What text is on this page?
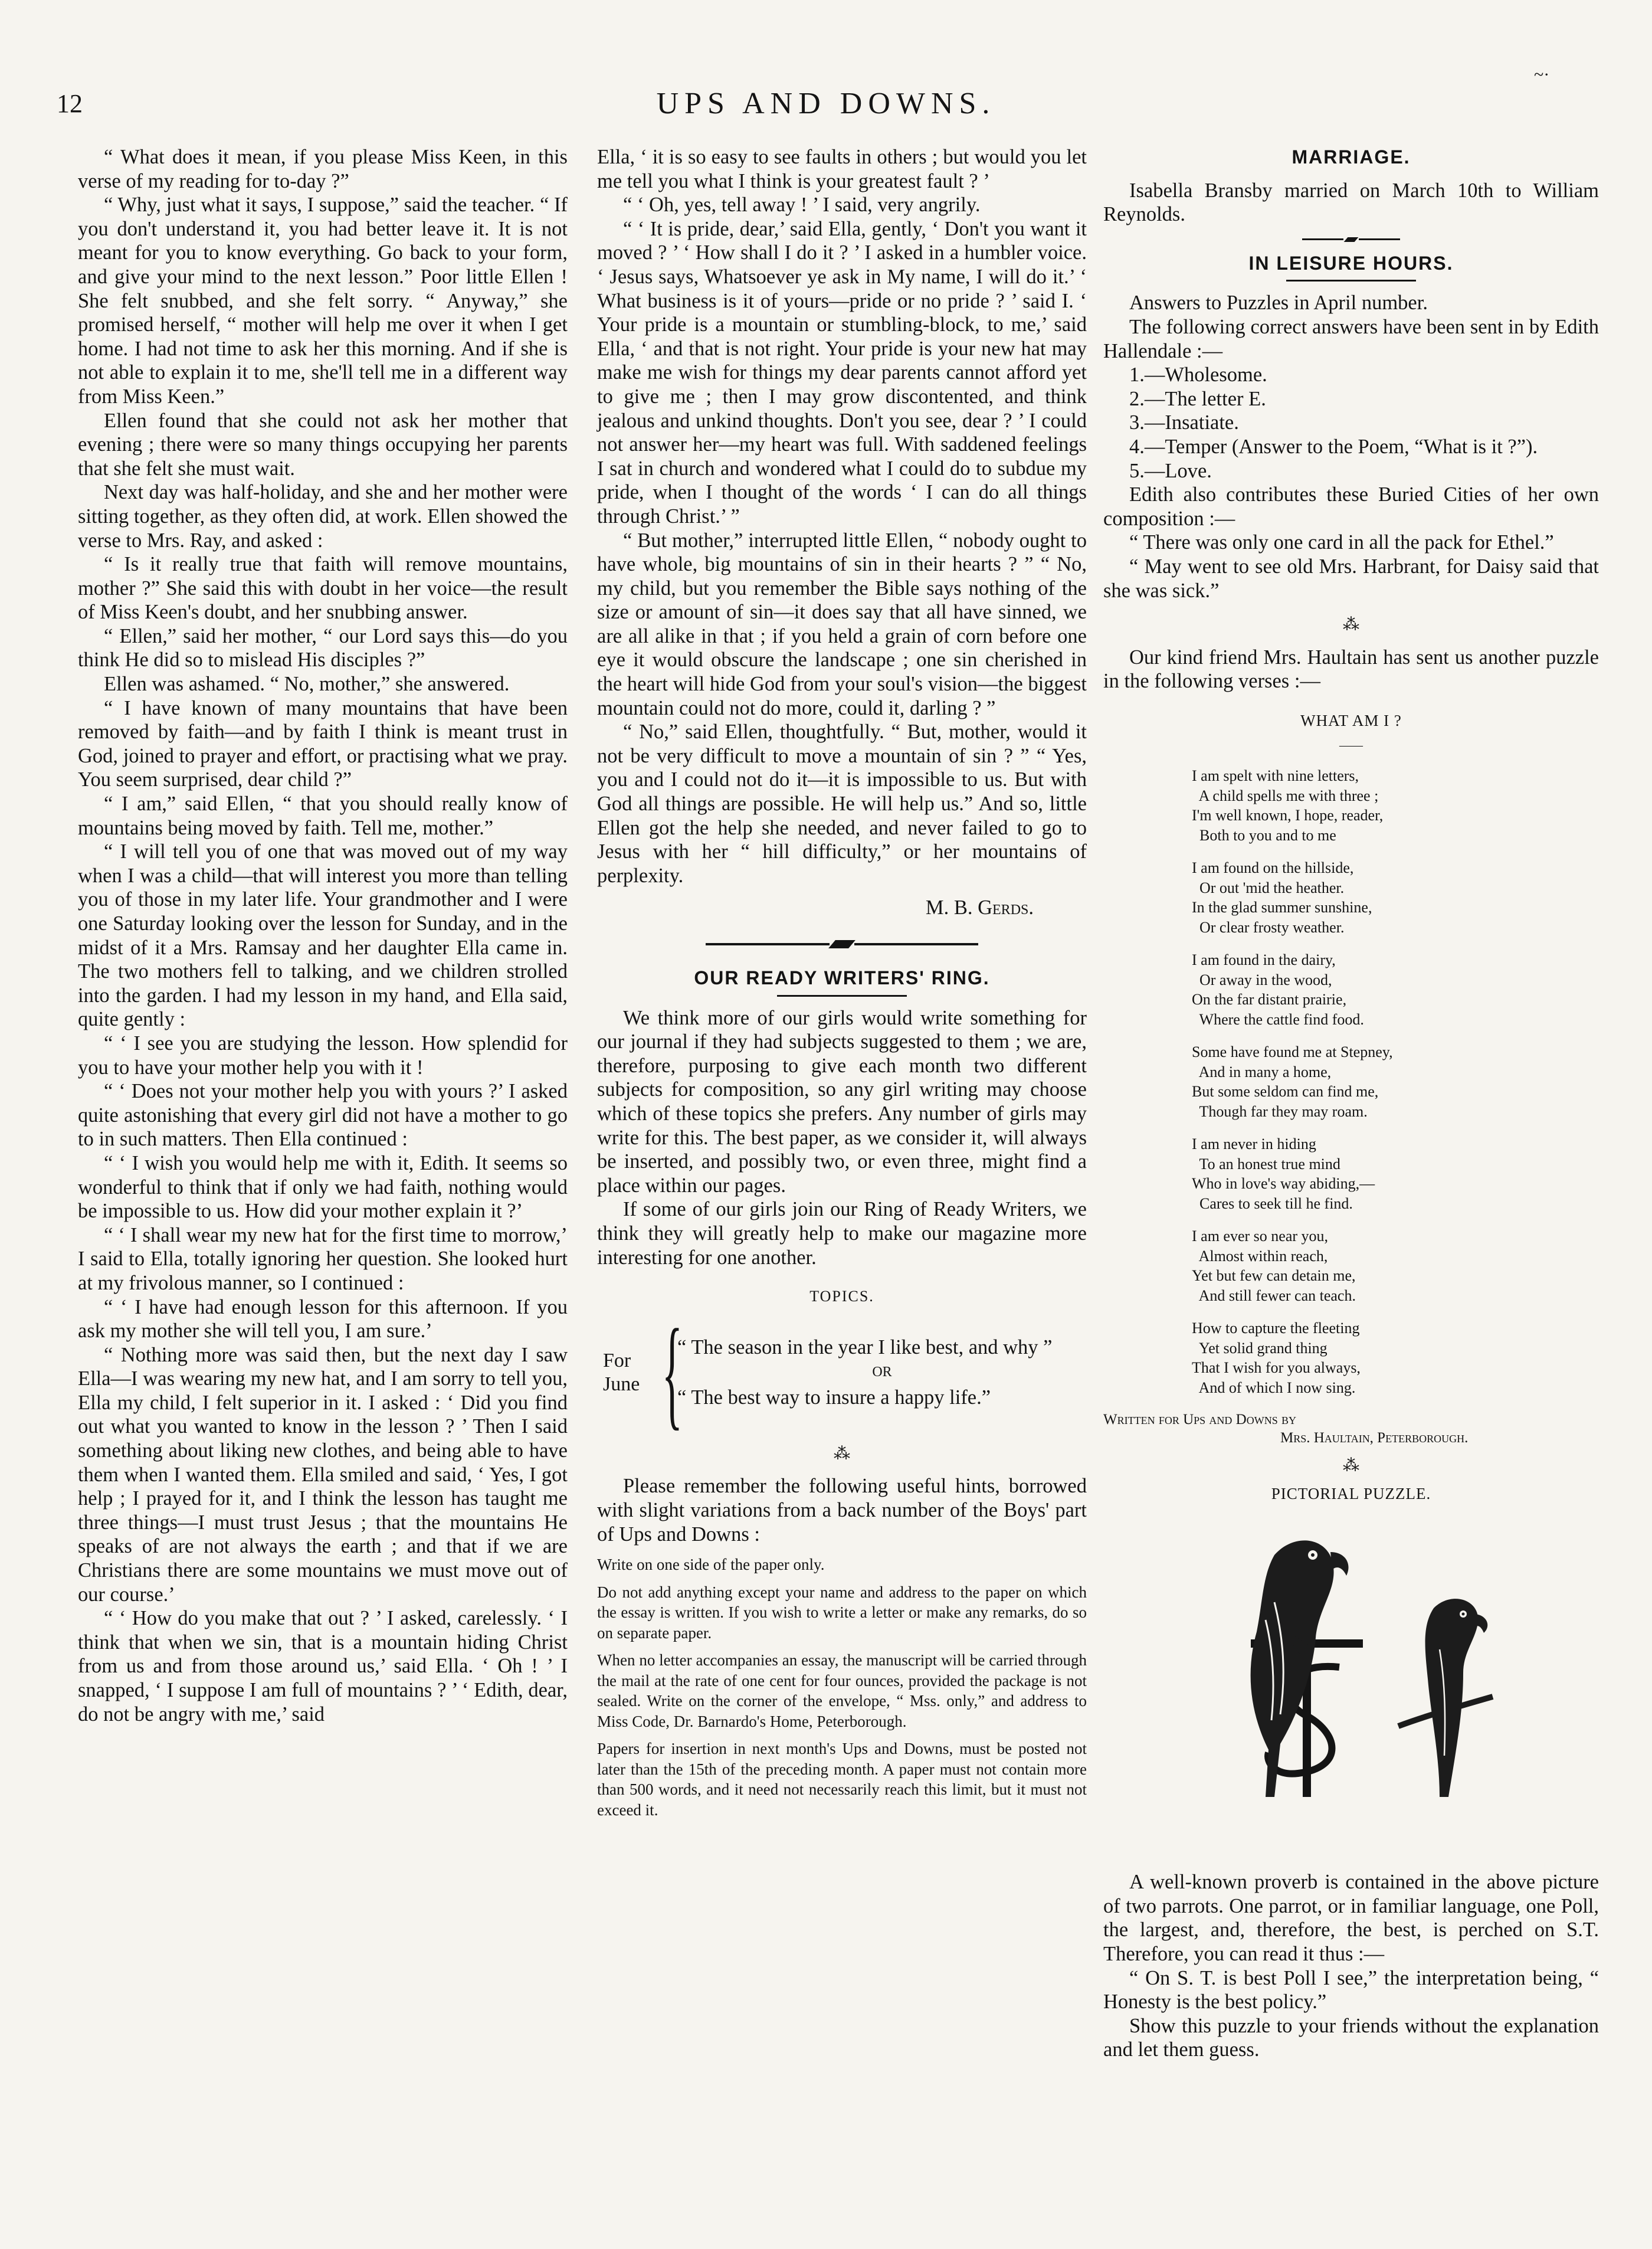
12	UPS AND DOWNS.
~·

“ What does it mean, if you please Miss Keen, in this verse of my reading for to-day ?”

“ Why, just what it says, I suppose,” said the teacher. “ If you don't understand it, you had better leave it. It is not meant for you to know everything. Go back to your form, and give your mind to the next lesson.” Poor little Ellen ! She felt snubbed, and she felt sorry. “ Anyway,” she promised herself, “ mother will help me over it when I get home. I had not time to ask her this morning. And if she is not able to explain it to me, she'll tell me in a different way from Miss Keen.”

Ellen found that she could not ask her mother that evening ; there were so many things occupying her parents that she felt she must wait.

Next day was half-holiday, and she and her mother were sitting together, as they often did, at work. Ellen showed the verse to Mrs. Ray, and asked :

“ Is it really true that faith will remove mountains, mother ?” She said this with doubt in her voice—the result of Miss Keen's doubt, and her snubbing answer.

“ Ellen,” said her mother, “ our Lord says this—do you think He did so to mislead His disciples ?”

Ellen was ashamed. “ No, mother,” she answered.

“ I have known of many mountains that have been removed by faith—and by faith I think is meant trust in God, joined to prayer and effort, or practising what we pray. You seem surprised, dear child ?”

“ I am,” said Ellen, “ that you should really know of mountains being moved by faith. Tell me, mother.”

“ I will tell you of one that was moved out of my way when I was a child—that will interest you more than telling you of those in my later life. Your grandmother and I were one Saturday looking over the lesson for Sunday, and in the midst of it a Mrs. Ramsay and her daughter Ella came in. The two mothers fell to talking, and we children strolled into the garden. I had my lesson in my hand, and Ella said, quite gently :

“ ‘ I see you are studying the lesson. How splendid for you to have your mother help you with it !

“ ‘ Does not your mother help you with yours ?’ I asked quite astonishing that every girl did not have a mother to go to in such matters. Then Ella continued :

“ ‘ I wish you would help me with it, Edith. It seems so wonderful to think that if only we had faith, nothing would be impossible to us. How did your mother explain it ?’

“ ‘ I shall wear my new hat for the first time to morrow,’ I said to Ella, totally ignoring her question. She looked hurt at my frivolous manner, so I continued :

“ ‘ I have had enough lesson for this afternoon. If you ask my mother she will tell you, I am sure.’

“ Nothing more was said then, but the next day I saw Ella—I was wearing my new hat, and I am sorry to tell you, Ella my child, I felt superior in it. I asked : ‘ Did you find out what you wanted to know in the lesson ? ’ Then I said something about liking new clothes, and being able to have them when I wanted them. Ella smiled and said, ‘ Yes, I got help ; I prayed for it, and I think the lesson has taught me three things—I must trust Jesus ; that the mountains He speaks of are not always the earth ; and that if we are Christians there are some mountains we must move out of our course.’

“ ‘ How do you make that out ? ’ I asked, carelessly. ‘ I think that when we sin, that is a mountain hiding Christ from us and from those around us,’ said Ella. ‘ Oh ! ’ I snapped, ‘ I suppose I am full of mountains ? ’ ‘ Edith, dear, do not be angry with me,’ said

Ella, ‘ it is so easy to see faults in others ; but would you let me tell you what I think is your greatest fault ? ’

“ ‘ Oh, yes, tell away ! ’ I said, very angrily.

“ ‘ It is pride, dear,’ said Ella, gently, ‘ Don't you want it moved ? ’ ‘ How shall I do it ? ’ I asked in a humbler voice. ‘ Jesus says, Whatsoever ye ask in My name, I will do it.’ ‘ What business is it of yours—pride or no pride ? ’ said I. ‘ Your pride is a mountain or stumbling-block, to me,’ said Ella, ‘ and that is not right. Your pride is your new hat may make me wish for things my dear parents cannot afford yet to give me ; then I may grow discontented, and think jealous and unkind thoughts. Don't you see, dear ? ’ I could not answer her—my heart was full. With saddened feelings I sat in church and wondered what I could do to subdue my pride, when I thought of the words ‘ I can do all things through Christ.’ ”

“ But mother,” interrupted little Ellen, “ nobody ought to have whole, big mountains of sin in their hearts ? ” “ No, my child, but you remember the Bible says nothing of the size or amount of sin—it does say that all have sinned, we are all alike in that ; if you held a grain of corn before one eye it would obscure the landscape ; one sin cherished in the heart will hide God from your soul's vision—the biggest mountain could not do more, could it, darling ? ”

“ No,” said Ellen, thoughtfully. “ But, mother, would it not be very difficult to move a mountain of sin ? ” “ Yes, you and I could not do it—it is impossible to us. But with God all things are possible. He will help us.” And so, little Ellen got the help she needed, and never failed to go to Jesus with her “ hill difficulty,” or her mountains of perplexity.

M. B. Gerds.

OUR READY WRITERS' RING.

We think more of our girls would write something for our journal if they had subjects suggested to them ; we are, therefore, purposing to give each month two different subjects for composition, so any girl writing may choose which of these topics she prefers. Any number of girls may write for this. The best paper, as we consider it, will always be inserted, and possibly two, or even three, might find a place within our pages.

If some of our girls join our Ring of Ready Writers, we think they will greatly help to make our magazine more interesting for one another.

TOPICS.
For
June {
“ The season in the year I like best, and why ”
OR
“ The best way to insure a happy life.”
⁂

Please remember the following useful hints, borrowed with slight variations from a back number of the Boys' part of Ups and Downs :

Write on one side of the paper only.

Do not add anything except your name and address to the paper on which the essay is written. If you wish to write a letter or make any remarks, do so on separate paper.

When no letter accompanies an essay, the manuscript will be carried through the mail at the rate of one cent for four ounces, provided the package is not sealed. Write on the corner of the envelope, “ Mss. only,” and address to Miss Code, Dr. Barnardo's Home, Peterborough.

Papers for insertion in next month's Ups and Downs, must be posted not later than the 15th of the preceding month. A paper must not contain more than 500 words, and it need not necessarily reach this limit, but it must not exceed it.

MARRIAGE.

Isabella Bransby married on March 10th to William Reynolds.

IN LEISURE HOURS.

Answers to Puzzles in April number.

The following correct answers have been sent in by Edith Hallendale :—

1.—Wholesome.

2.—The letter E.

3.—Insatiate.

4.—Temper (Answer to the Poem, “What is it ?”).

5.—Love.

Edith also contributes these Buried Cities of her own composition :—

“ There was only one card in all the pack for Ethel.”

“ May went to see old Mrs. Harbrant, for Daisy said that she was sick.”

⁂

Our kind friend Mrs. Haultain has sent us another puzzle in the following verses :—

WHAT AM I ?
——
I am spelt with nine letters,
A child spells me with three ;
I'm well known, I hope, reader,
Both to you and to me
I am found on the hillside,
Or out 'mid the heather.
In the glad summer sunshine,
Or clear frosty weather.
I am found in the dairy,
Or away in the wood,
On the far distant prairie,
Where the cattle find food.
Some have found me at Stepney,
And in many a home,
But some seldom can find me,
Though far they may roam.
I am never in hiding
To an honest true mind
Who in love's way abiding,—
Cares to seek till he find.
I am ever so near you,
Almost within reach,
Yet but few can detain me,
And still fewer can teach.
How to capture the fleeting
Yet solid grand thing
That I wish for you always,
And of which I now sing.
Written for Ups and Downs by
Mrs. Haultain, Peterborough.
⁂
PICTORIAL PUZZLE.

A well-known proverb is contained in the above picture of two parrots. One parrot, or in familiar language, one Poll, the largest, and, therefore, the best, is perched on S.T. Therefore, you can read it thus :—

“ On S. T. is best Poll I see,” the interpretation being, “ Honesty is the best policy.”

Show this puzzle to your friends without the explanation and let them guess.
